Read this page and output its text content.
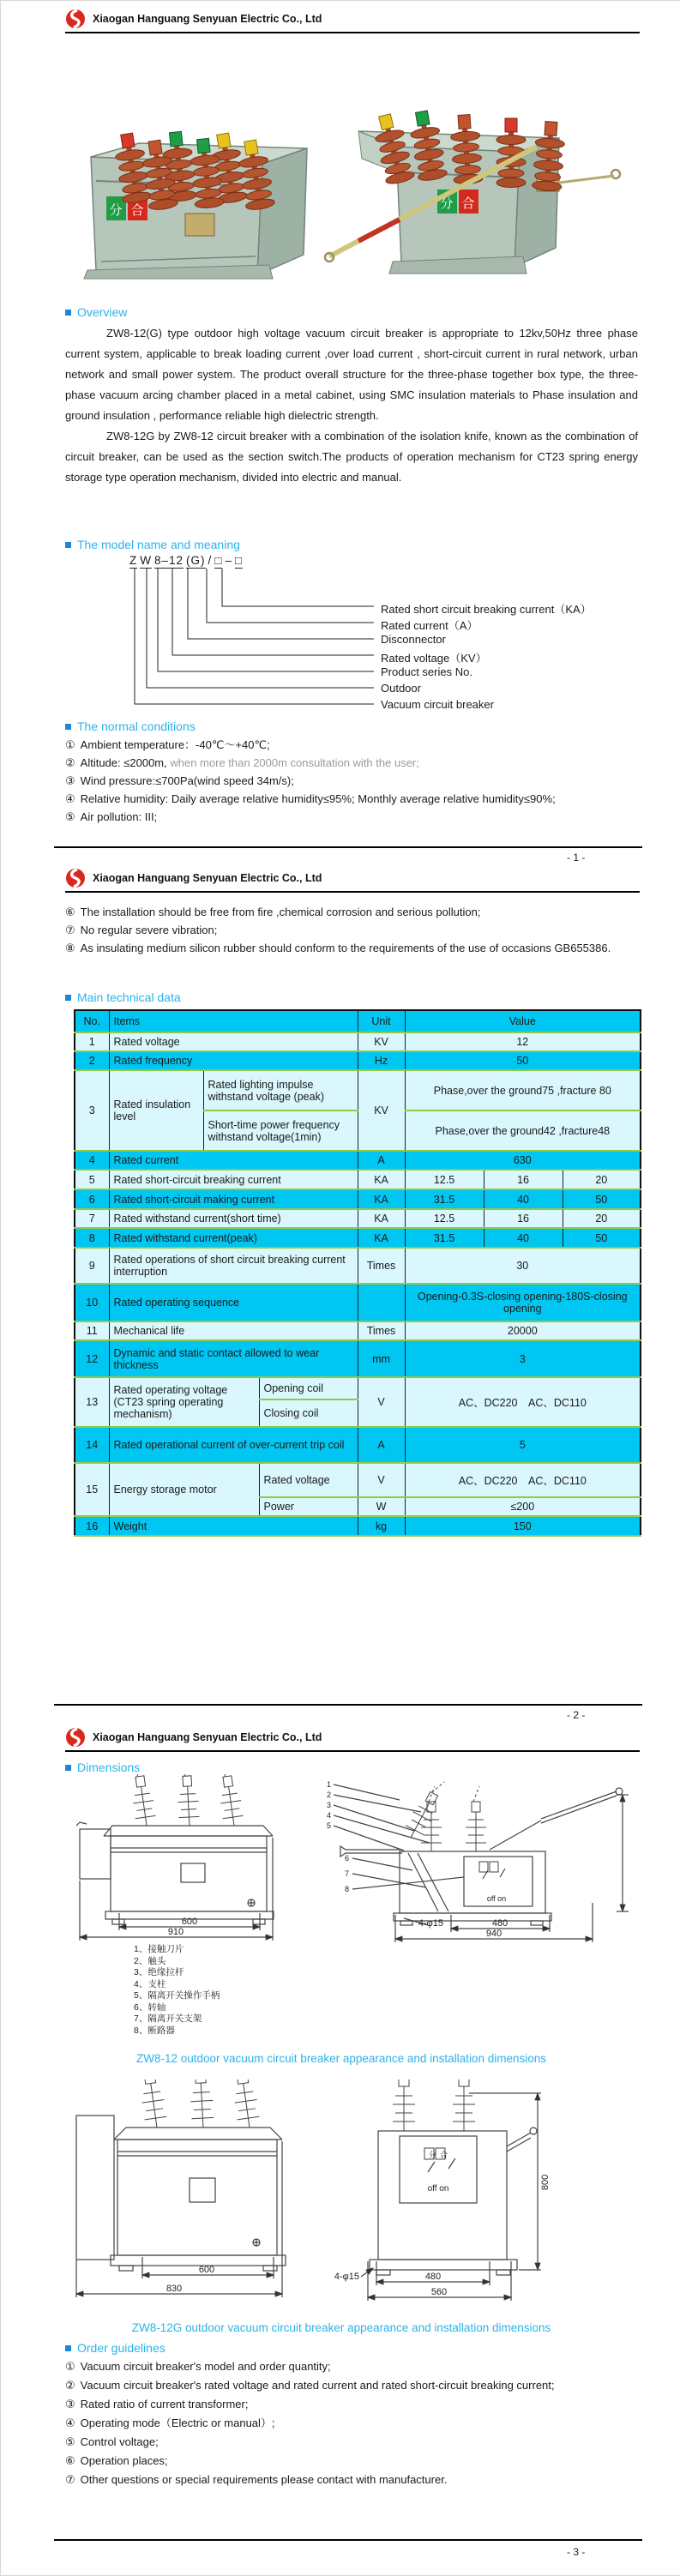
Xiaogan Hanguang Senyuan Electric Co., Ltd
分 合	分 合
Overview

ZW8-12(G) type outdoor high voltage vacuum circuit breaker is appropriate to 12kv,50Hz three phase current system, applicable to break loading current ,over load current , short-circuit current in rural network, urban network and small power system. The product overall structure for the three-phase together box type, the three-phase vacuum arcing chamber placed in a metal cabinet, using SMC insulation materials to Phase insulation and ground insulation , performance reliable high dielectric strength.

ZW8-12G by ZW8-12 circuit breaker with a combination of the isolation knife, known as the combination of circuit breaker, can be used as the section switch.The products of operation mechanism for CT23 spring energy storage type operation mechanism, divided into electric and manual.

The model name and meaning
Z W 8–12 (G) / □ – □
Rated short circuit breaking current（KA）
Rated current（A）
Disconnector
Rated voltage（KV）
Product series No.
Outdoor
Vacuum circuit breaker
The normal conditions
① Ambient temperature：-40℃～+40℃;
② Altitude: ≤2000m, when more than 2000m consultation with the user;
③ Wind pressure:≤700Pa(wind speed 34m/s);
④ Relative humidity: Daily average relative humidity≤95%; Monthly average relative humidity≤90%;
⑤ Air pollution: III;
- 1 -
Xiaogan Hanguang Senyuan Electric Co., Ltd
⑥ The installation should be free from fire ,chemical corrosion and serious pollution;
⑦ No regular severe vibration;
⑧ As insulating medium silicon rubber should conform to the requirements of the use of occasions GB655386.
Main technical data
No.	Items			Unit	Value		
1	Rated voltage			KV	12		
2	Rated frequency			Hz	50		
3	Rated insulation level	Rated lighting impulse withstand voltage (peak)		KV	Phase,over the ground75 ,fracture 80		
		Short-time power frequency withstand voltage(1min)			Phase,over the ground42 ,fracture48		
4	Rated current			A	630		
5	Rated short-circuit breaking current			KA	12.5	16	20
6	Rated short-circuit making current			KA	31.5	40	50
7	Rated withstand current(short time)			KA	12.5	16	20
8	Rated withstand current(peak)			KA	31.5	40	50
9	Rated operations of short circuit breaking current interruption			Times	30		
10	Rated operating sequence				Opening-0.3S-closing opening-180S-closing opening		
11	Mechanical life			Times	20000		
12	Dynamic and static contact allowed to wear thickness			mm	3		
13	Rated operating voltage (CT23 spring operating mechanism)		Opening coil	V	AC、DC220　AC、DC110		
			Closing coil				
14	Rated operational current of over-current trip coil			A	5		
15	Energy storage motor		Rated voltage	V	AC、DC220　AC、DC110		
			Power	W	≤200		
16	Weight			kg	150		
- 2 -
Xiaogan Hanguang Senyuan Electric Co., Ltd
Dimensions
600
910
4-φ15	480
940
off on
1
2
3
4
5
6
7
8
1、接触刀片
2、触头
3、绝缘拉杆
4、支柱
5、隔离开关操作手柄
6、转轴
7、隔离开关支架
8、断路器
ZW8-12 outdoor vacuum circuit breaker appearance and installation dimensions
600
830
4-φ15	480
560
800
off on
分 合
ZW8-12G outdoor vacuum circuit breaker appearance and installation dimensions
Order guidelines
① Vacuum circuit breaker's model and order quantity;
② Vacuum circuit breaker's rated voltage and rated current and rated short-circuit breaking current;
③ Rated ratio of current transformer;
④ Operating mode（Electric or manual）;
⑤ Control voltage;
⑥ Operation places;
⑦ Other questions or special requirements please contact with manufacturer.
- 3 -
